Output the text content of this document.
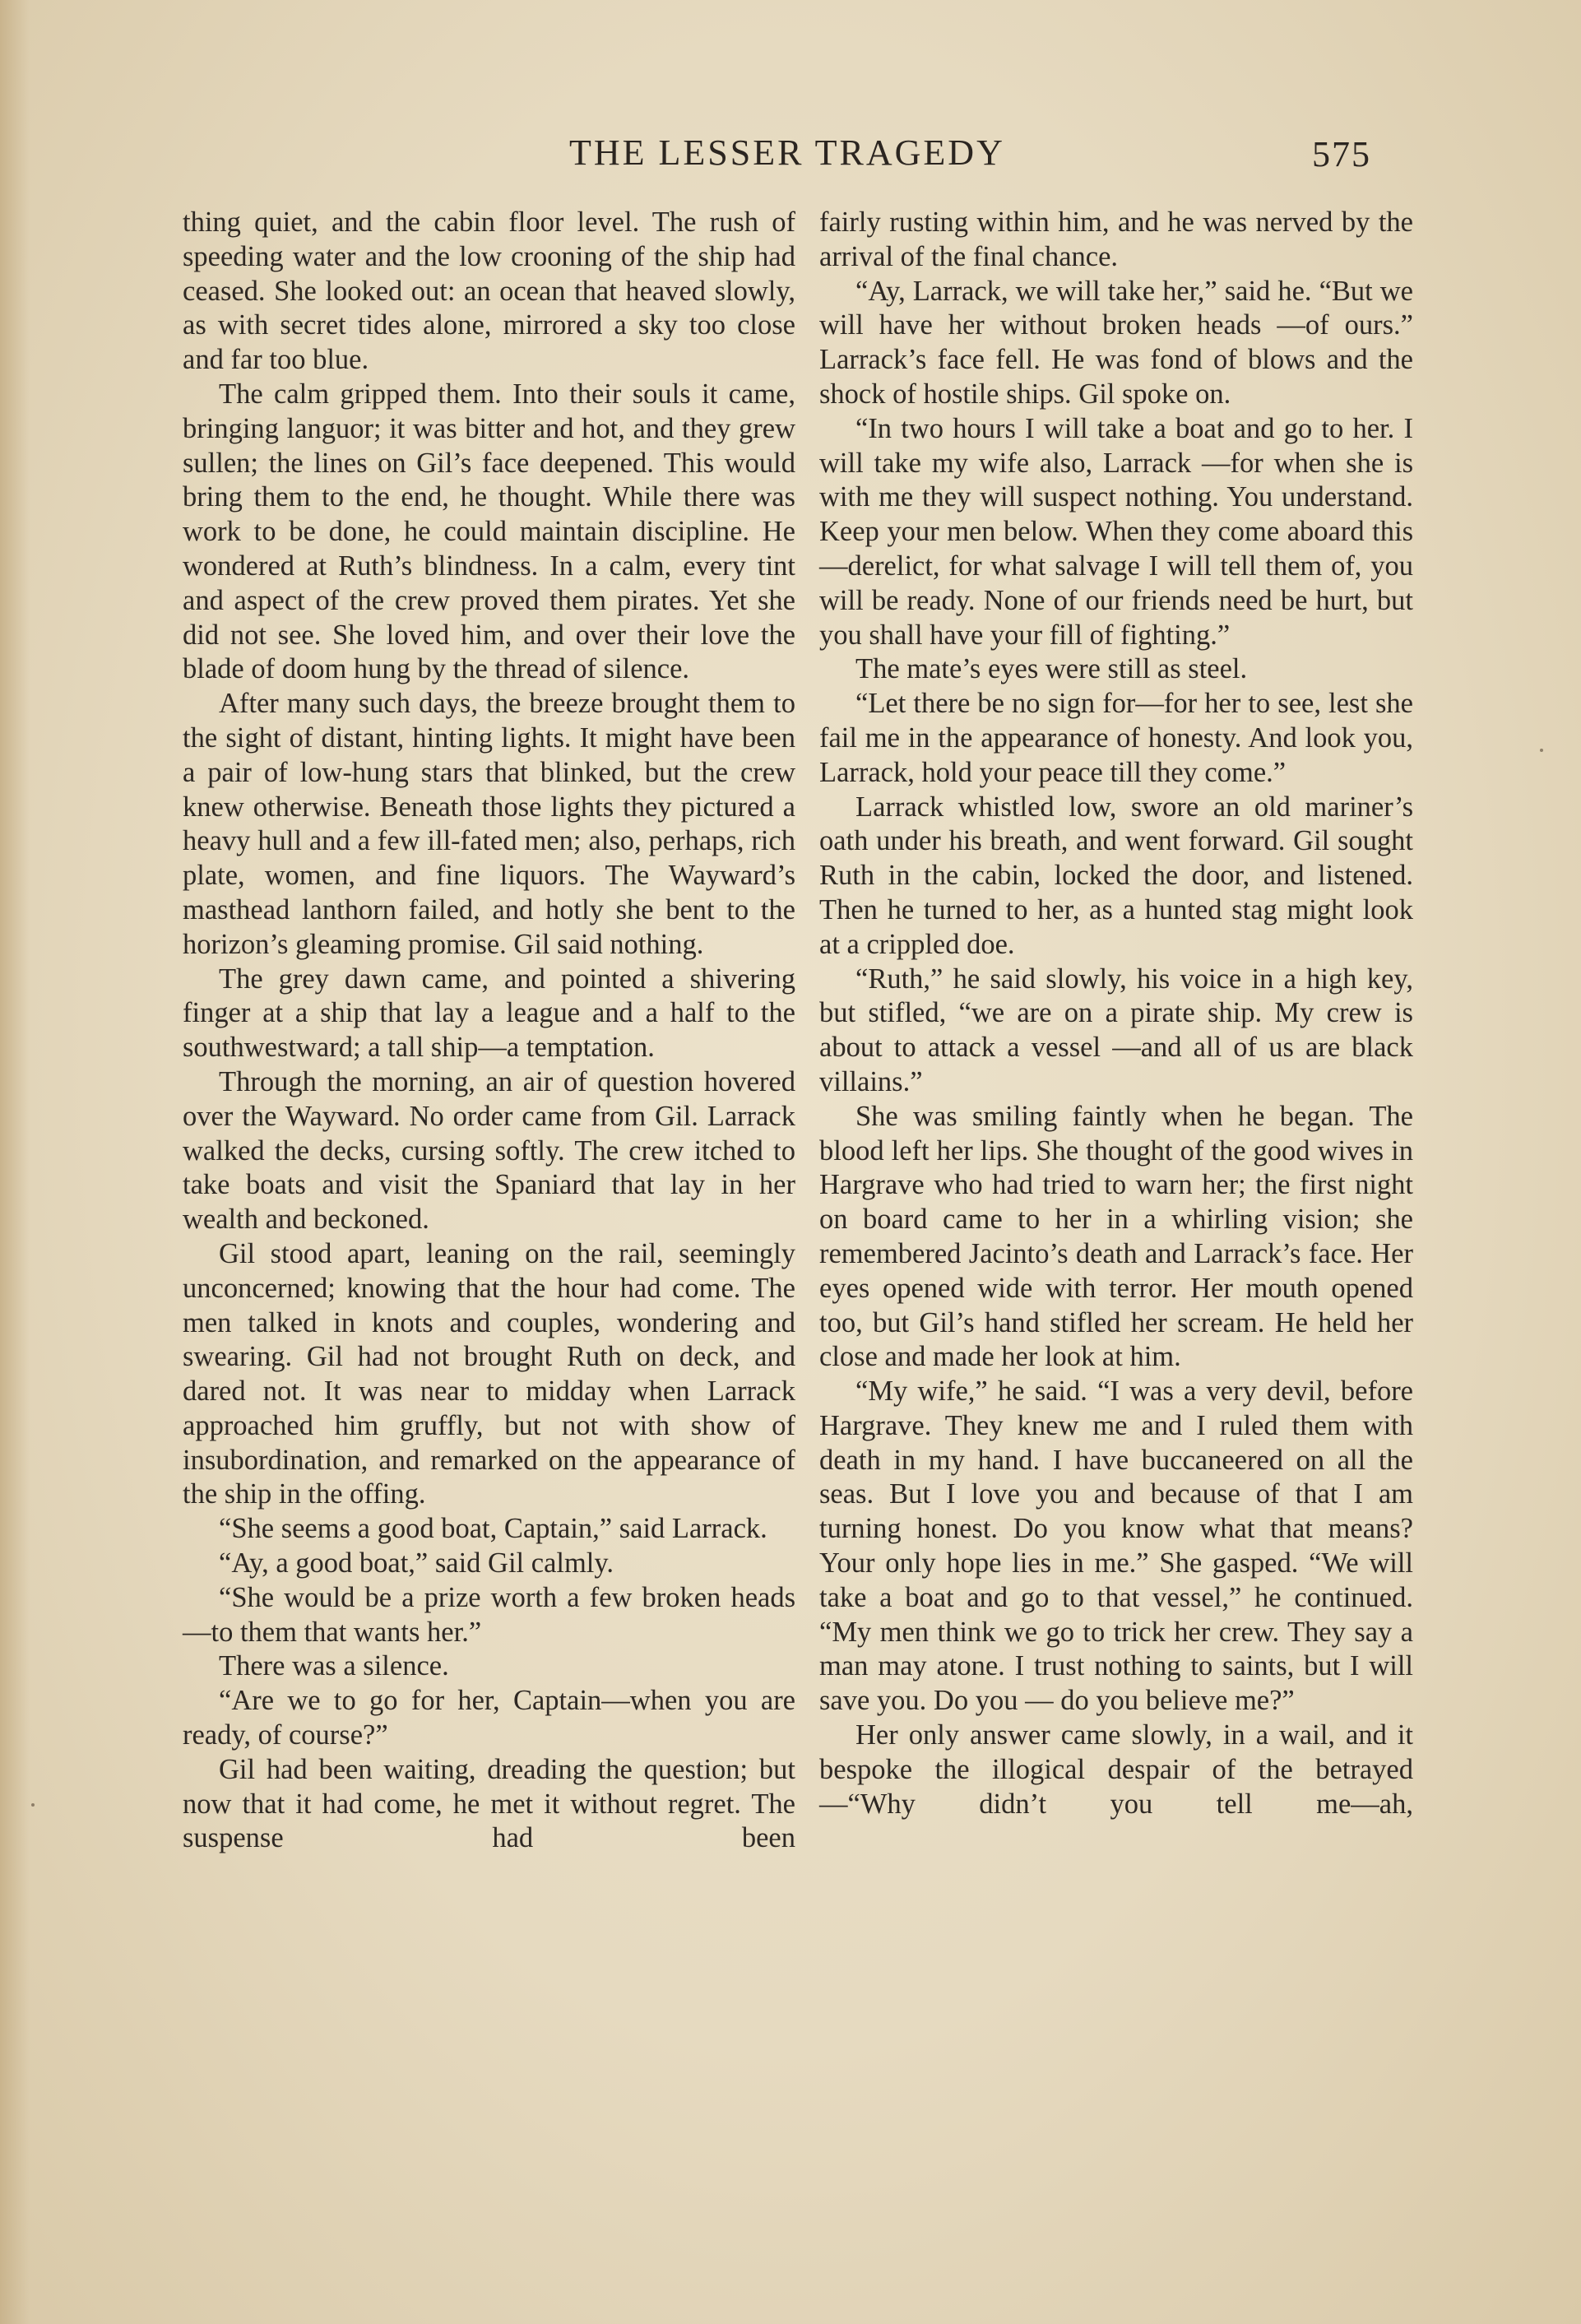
THE LESSER TRAGEDY	575

thing quiet, and the cabin floor level. The rush of speeding water and the low crooning of the ship had ceased. She looked out: an ocean that heaved slowly, as with secret tides alone, mirrored a sky too close and far too blue.

The calm gripped them. Into their souls it came, bringing languor; it was bitter and hot, and they grew sullen; the lines on Gil’s face deepened. This would bring them to the end, he thought. While there was work to be done, he could maintain discipline. He wondered at Ruth’s blindness. In a calm, every tint and aspect of the crew proved them pirates. Yet she did not see. She loved him, and over their love the blade of doom hung by the thread of silence.

After many such days, the breeze brought them to the sight of distant, hinting lights. It might have been a pair of low-hung stars that blinked, but the crew knew otherwise. Beneath those lights they pictured a heavy hull and a few ill-fated men; also, perhaps, rich plate, women, and fine liquors. The Wayward’s masthead lanthorn failed, and hotly she bent to the horizon’s gleaming promise. Gil said nothing.

The grey dawn came, and pointed a shivering finger at a ship that lay a league and a half to the southwestward; a tall ship—a temptation.

Through the morning, an air of question hovered over the Wayward. No order came from Gil. Larrack walked the decks, cursing softly. The crew itched to take boats and visit the Spaniard that lay in her wealth and beckoned.

Gil stood apart, leaning on the rail, seemingly unconcerned; knowing that the hour had come. The men talked in knots and couples, wondering and swearing. Gil had not brought Ruth on deck, and dared not. It was near to midday when Larrack approached him gruffly, but not with show of insubordination, and remarked on the appearance of the ship in the offing.

“She seems a good boat, Captain,” said Larrack.

“Ay, a good boat,” said Gil calmly.

“She would be a prize worth a few broken heads—to them that wants her.”

There was a silence.

“Are we to go for her, Captain—when you are ready, of course?”

Gil had been waiting, dreading the question; but now that it had come, he met it without regret. The suspense had been

fairly rusting within him, and he was nerved by the arrival of the final chance.

“Ay, Larrack, we will take her,” said he. “But we will have her without broken heads —of ours.” Larrack’s face fell. He was fond of blows and the shock of hostile ships. Gil spoke on.

“In two hours I will take a boat and go to her. I will take my wife also, Larrack —for when she is with me they will suspect nothing. You understand. Keep your men below. When they come aboard this —derelict, for what salvage I will tell them of, you will be ready. None of our friends need be hurt, but you shall have your fill of fighting.”

The mate’s eyes were still as steel.

“Let there be no sign for—for her to see, lest she fail me in the appearance of honesty. And look you, Larrack, hold your peace till they come.”

Larrack whistled low, swore an old mariner’s oath under his breath, and went forward. Gil sought Ruth in the cabin, locked the door, and listened. Then he turned to her, as a hunted stag might look at a crippled doe.

“Ruth,” he said slowly, his voice in a high key, but stifled, “we are on a pirate ship. My crew is about to attack a vessel —and all of us are black villains.”

She was smiling faintly when he began. The blood left her lips. She thought of the good wives in Hargrave who had tried to warn her; the first night on board came to her in a whirling vision; she remembered Jacinto’s death and Larrack’s face. Her eyes opened wide with terror. Her mouth opened too, but Gil’s hand stifled her scream. He held her close and made her look at him.

“My wife,” he said. “I was a very devil, before Hargrave. They knew me and I ruled them with death in my hand. I have buccaneered on all the seas. But I love you and because of that I am turning honest. Do you know what that means? Your only hope lies in me.” She gasped. “We will take a boat and go to that vessel,” he continued. “My men think we go to trick her crew. They say a man may atone. I trust nothing to saints, but I will save you. Do you — do you believe me?”

Her only answer came slowly, in a wail, and it bespoke the illogical despair of the betrayed—“Why didn’t you tell me—ah,
